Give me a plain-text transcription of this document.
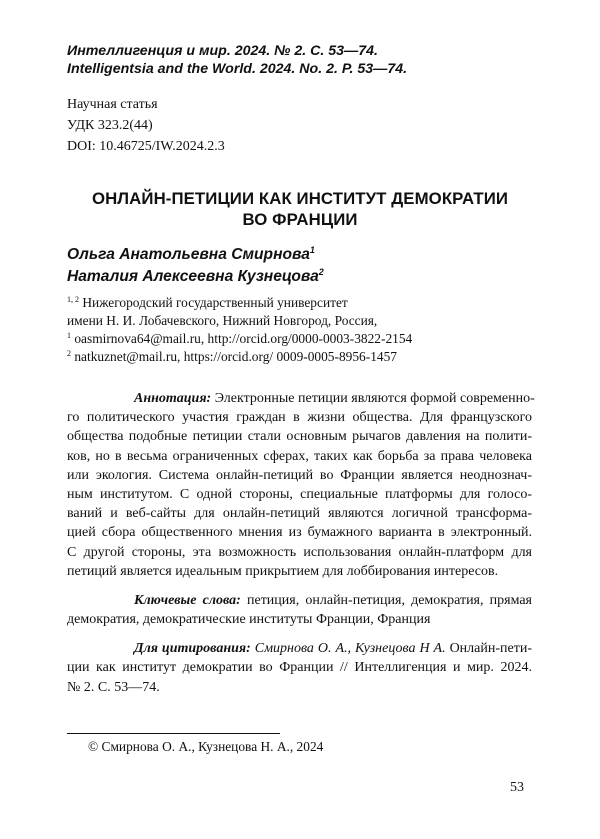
Интеллигенция и мир. 2024. № 2. С. 53—74.
Intelligentsia and the World. 2024. No. 2. P. 53—74.
Научная статья
УДК 323.2(44)
DOI: 10.46725/IW.2024.2.3
ОНЛАЙН-ПЕТИЦИИ КАК ИНСТИТУТ ДЕМОКРАТИИ
ВО ФРАНЦИИ
Ольга Анатольевна Смирнова$^1$
Наталия Алексеевна Кузнецова$^2$
$^{1, 2}$ Нижегородский государственный университет
имени Н. И. Лобачевского, Нижний Новгород, Россия,
$^1$ oasmirnova64@mail.ru, http://orcid.org/0000-0003-3822-2154
$^2$ natkuznet@mail.ru, https://orcid.org/ 0009-0005-8956-1457
Аннотация: Электронные петиции являются формой современно-
го политического участия граждан в жизни общества. Для французского
общества подобные петиции стали основным рычагов давления на полити-
ков, но в весьма ограниченных сферах, таких как борьба за права человека
или экология. Система онлайн-петиций во Франции является неоднознач-
ным институтом. С одной стороны, специальные платформы для голосо-
ваний и веб-сайты для онлайн-петиций являются логичной трансформа-
цией сбора общественного мнения из бумажного варианта в электронный.
С другой стороны, эта возможность использования онлайн-платформ для
петиций является идеальным прикрытием для лоббирования интересов.
Ключевые слова: петиция, онлайн-петиция, демократия, прямая
демократия, демократические институты Франции, Франция
Для цитирования: Смирнова О. А., Кузнецова Н А. Онлайн-пети-
ции как институт демократии во Франции // Интеллигенция и мир. 2024.
№ 2. С. 53—74.
© Смирнова О. А., Кузнецова Н. А., 2024
53
